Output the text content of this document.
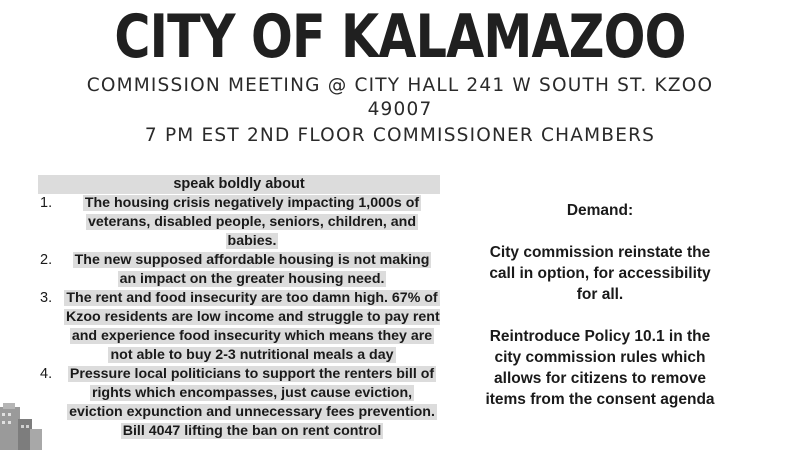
CITY OF KALAMAZOO
COMMISSION MEETING @ CITY HALL 241 W SOUTH ST. KZOO
49007
7 PM EST 2ND FLOOR COMMISSIONER CHAMBERS
speak boldly about
1.	The housing crisis negatively impacting 1,000s of veterans, disabled people, seniors, children, and babies.
2.	The new supposed affordable housing is not making an impact on the greater housing need.
3. The rent and food insecurity are too damn high. 67% of Kzoo residents are low income and struggle to pay rent and experience food insecurity which means they are not able to buy 2-3 nutritional meals a day
4.	Pressure local politicians to support the renters bill of rights which encompasses, just cause eviction, eviction expunction and unnecessary fees prevention. Bill 4047 lifting the ban on rent control

Demand:

City commission reinstate the call in option, for accessibility for all.

Reintroduce Policy 10.1 in the city commission rules which allows for citizens to remove items from the consent agenda
